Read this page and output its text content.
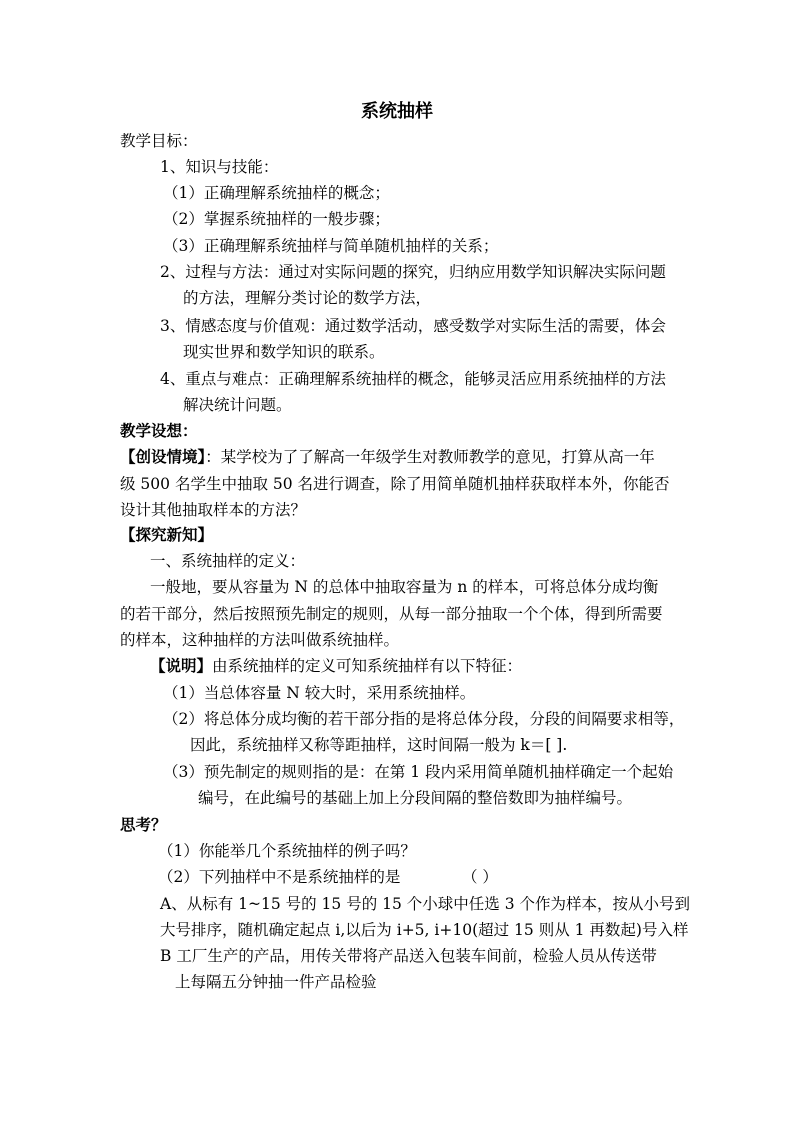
系统抽样
教学目标：
1、知识与技能：
（1）正确理解系统抽样的概念；
（2）掌握系统抽样的一般步骤；
（3）正确理解系统抽样与简单随机抽样的关系；
2、过程与方法：通过对实际问题的探究，归纳应用数学知识解决实际问题
的方法，理解分类讨论的数学方法，
3、情感态度与价值观：通过数学活动，感受数学对实际生活的需要，体会
现实世界和数学知识的联系。
4、重点与难点：正确理解系统抽样的概念，能够灵活应用系统抽样的方法
解决统计问题。
教学设想：
【创设情境】：某学校为了了解高一年级学生对教师教学的意见，打算从高一年
级 500 名学生中抽取 50 名进行调查，除了用简单随机抽样获取样本外，你能否
设计其他抽取样本的方法？
【探究新知】
一、系统抽样的定义：
一般地，要从容量为 N 的总体中抽取容量为 n 的样本，可将总体分成均衡
的若干部分，然后按照预先制定的规则，从每一部分抽取一个个体，得到所需要
的样本，这种抽样的方法叫做系统抽样。
【说明】由系统抽样的定义可知系统抽样有以下特征：
（1）当总体容量 N 较大时，采用系统抽样。
（2）将总体分成均衡的若干部分指的是将总体分段，分段的间隔要求相等，
因此，系统抽样又称等距抽样，这时间隔一般为 k＝[ ].
（3）预先制定的规则指的是：在第 1 段内采用简单随机抽样确定一个起始
编号，在此编号的基础上加上分段间隔的整倍数即为抽样编号。
思考？
（1）你能举几个系统抽样的例子吗？
（2）下列抽样中不是系统抽样的是	（ ）
A、从标有 1~15 号的 15 号的 15 个小球中任选 3 个作为样本，按从小号到
大号排序，随机确定起点 i,以后为 i+5, i+10(超过 15 则从 1 再数起)号入样
B 工厂生产的产品，用传关带将产品送入包装车间前，检验人员从传送带
上每隔五分钟抽一件产品检验
